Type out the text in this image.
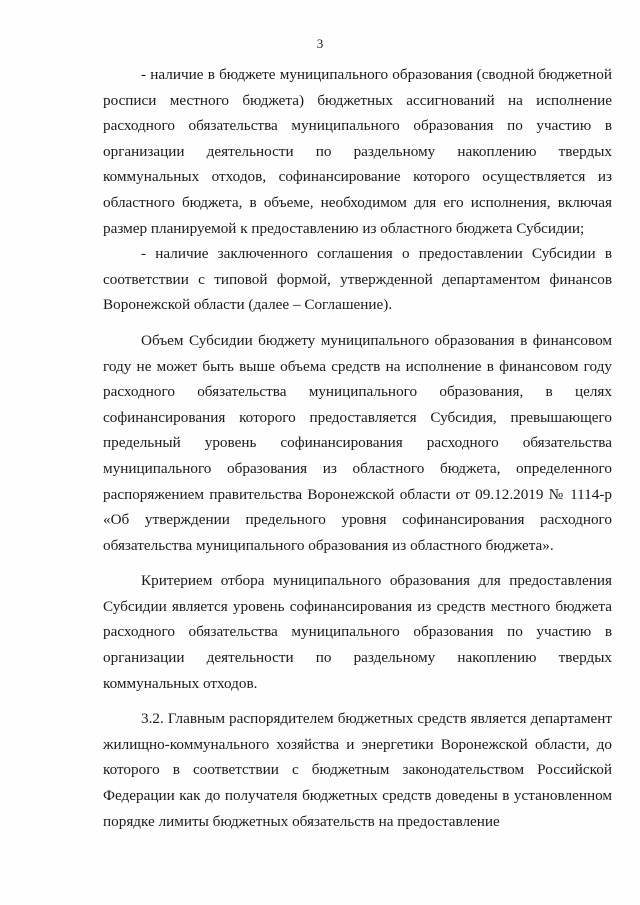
3

- наличие в бюджете муниципального образования (сводной бюджетной росписи местного бюджета) бюджетных ассигнований на исполнение расходного обязательства муниципального образования по участию в организации деятельности по раздельному накоплению твердых коммунальных отходов, софинансирование которого осуществляется из областного бюджета, в объеме, необходимом для его исполнения, включая размер планируемой к предоставлению из областного бюджета Субсидии;

- наличие заключенного соглашения о предоставлении Субсидии в соответствии с типовой формой, утвержденной департаментом финансов Воронежской области (далее – Соглашение).

Объем Субсидии бюджету муниципального образования в финансовом году не может быть выше объема средств на исполнение в финансовом году расходного обязательства муниципального образования, в целях софинансирования которого предоставляется Субсидия, превышающего предельный уровень софинансирования расходного обязательства муниципального образования из областного бюджета, определенного распоряжением правительства Воронежской области от 09.12.2019 № 1114-р «Об утверждении предельного уровня софинансирования расходного обязательства муниципального образования из областного бюджета».

Критерием отбора муниципального образования для предоставления Субсидии является уровень софинансирования из средств местного бюджета расходного обязательства муниципального образования по участию в организации деятельности по раздельному накоплению твердых коммунальных отходов.

3.2. Главным распорядителем бюджетных средств является департамент жилищно-коммунального хозяйства и энергетики Воронежской области, до которого в соответствии с бюджетным законодательством Российской Федерации как до получателя бюджетных средств доведены в установленном порядке лимиты бюджетных обязательств на предоставление
